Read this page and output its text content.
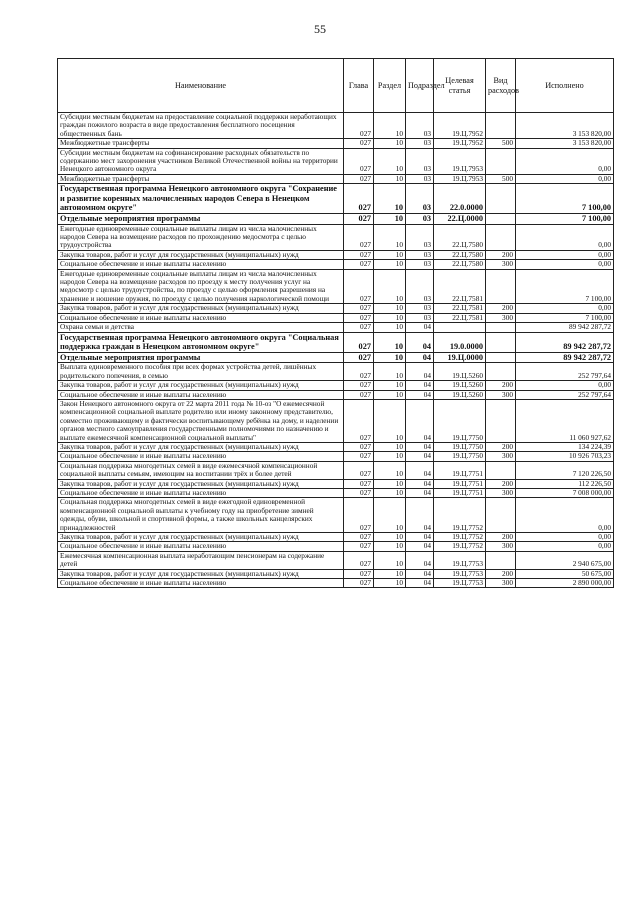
55
Наименование	Глава	Раздел	Подраздел	Целевая статья	Вид расходов	Исполнено
Субсидии местным бюджетам на предоставление социальной поддержки неработающих граждан пожилого возраста в виде предоставления бесплатного посещения общественных бань	027	10	03	19.Ц.7952		3 153 820,00
Межбюджетные трансферты	027	10	03	19.Ц.7952	500	3 153 820,00
Субсидии местным бюджетам на софинансирование расходных обязательств по содержанию мест захоронения участников Великой Отечественной войны на территории Ненецкого автономного округа	027	10	03	19.Ц.7953		0,00
Межбюджетные трансферты	027	10	03	19.Ц.7953	500	0,00
Государственная программа Ненецкого автономного округа "Сохранение и развитие коренных малочисленных народов Севера в Ненецком автономном округе"	027	10	03	22.0.0000		7 100,00
Отдельные мероприятия программы	027	10	03	22.Ц.0000		7 100,00
Ежегодные единовременные социальные выплаты лицам из числа малочисленных народов Севера на возмещение расходов по прохождению медосмотра с целью трудоустройства	027	10	03	22.Ц.7580		0,00
Закупка товаров, работ и услуг для государственных (муниципальных) нужд	027	10	03	22.Ц.7580	200	0,00
Социальное обеспечение и иные выплаты населению	027	10	03	22.Ц.7580	300	0,00
Ежегодные единовременные социальные выплаты лицам из числа малочисленных народов Севера на возмещение расходов по проезду к месту получения услуг на медосмотр с целью трудоустройства, по проезду с целью оформления разрешения на хранение и ношение оружия, по проезду с целью получения наркологической помощи	027	10	03	22.Ц.7581		7 100,00
Закупка товаров, работ и услуг для государственных (муниципальных) нужд	027	10	03	22.Ц.7581	200	0,00
Социальное обеспечение и иные выплаты населению	027	10	03	22.Ц.7581	300	7 100,00
Охрана семьи и детства	027	10	04			89 942 287,72
Государственная программа Ненецкого автономного округа "Социальная поддержка граждан в Ненецком автономном округе"	027	10	04	19.0.0000		89 942 287,72
Отдельные мероприятия программы	027	10	04	19.Ц.0000		89 942 287,72
Выплата единовременного пособия при всех формах устройства детей, лишённых родительского попечения, в семью	027	10	04	19.Ц.5260		252 797,64
Закупка товаров, работ и услуг для государственных (муниципальных) нужд	027	10	04	19.Ц.5260	200	0,00
Социальное обеспечение и иные выплаты населению	027	10	04	19.Ц.5260	300	252 797,64
Закон Ненецкого автономного округа от 22 марта 2011 года № 10-оз "О ежемесячной компенсационной социальной выплате родителю или иному законному представителю, совместно проживающему и фактически воспитывающему ребёнка на дому, и наделении органов местного самоуправления государственными полномочиями по назначению и выплате ежемесячной компенсационной социальной выплаты"	027	10	04	19.Ц.7750		11 060 927,62
Закупка товаров, работ и услуг для государственных (муниципальных) нужд	027	10	04	19.Ц.7750	200	134 224,39
Социальное обеспечение и иные выплаты населению	027	10	04	19.Ц.7750	300	10 926 703,23
Социальная поддержка многодетных семей в виде ежемесячной компенсационной социальной выплаты семьям, имеющим на воспитании трёх и более детей	027	10	04	19.Ц.7751		7 120 226,50
Закупка товаров, работ и услуг для государственных (муниципальных) нужд	027	10	04	19.Ц.7751	200	112 226,50
Социальное обеспечение и иные выплаты населению	027	10	04	19.Ц.7751	300	7 008 000,00
Социальная поддержка многодетных семей в виде ежегодной единовременной компенсационной социальной выплаты к учебному году на приобретение зимней одежды, обуви, школьной и спортивной формы, а также школьных канцелярских принадлежностей	027	10	04	19.Ц.7752		0,00
Закупка товаров, работ и услуг для государственных (муниципальных) нужд	027	10	04	19.Ц.7752	200	0,00
Социальное обеспечение и иные выплаты населению	027	10	04	19.Ц.7752	300	0,00
Ежемесячная компенсационная выплата неработающим пенсионерам на содержание детей	027	10	04	19.Ц.7753		2 940 675,00
Закупка товаров, работ и услуг для государственных (муниципальных) нужд	027	10	04	19.Ц.7753	200	50 675,00
Социальное обеспечение и иные выплаты населению	027	10	04	19.Ц.7753	300	2 890 000,00
